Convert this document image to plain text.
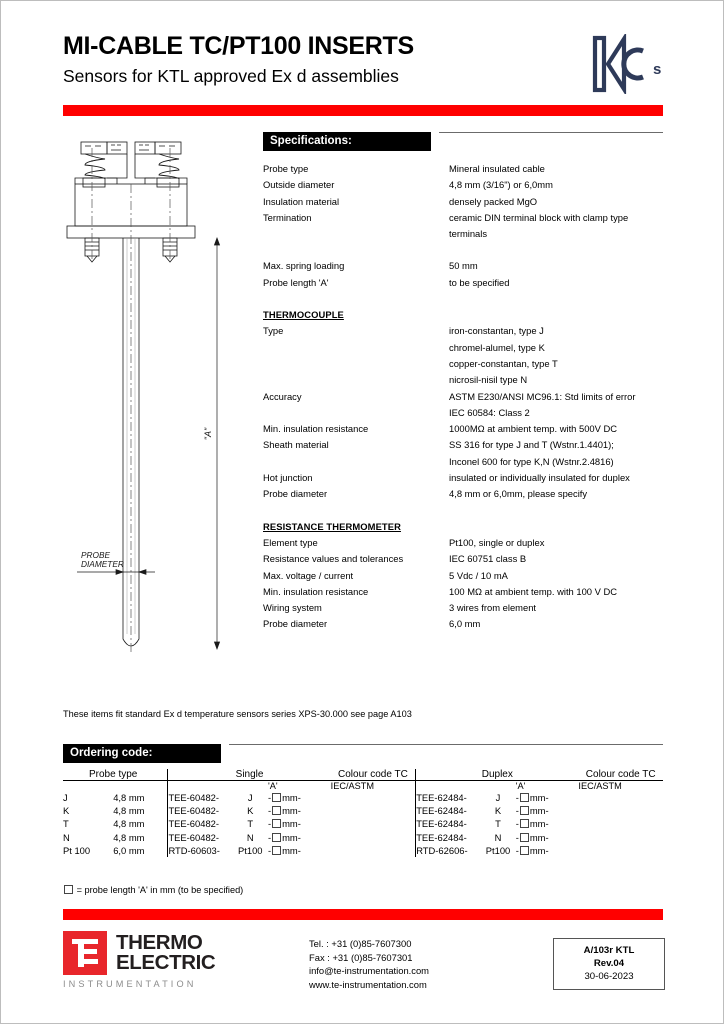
MI-CABLE TC/PT100 INSERTS
Sensors for KTL approved Ex d assemblies	s
"A"
PROBE
DIAMETER
Specifications:
Probe type	Mineral insulated cable
Outside diameter	4,8 mm (3/16") or 6,0mm
Insulation material	densely packed MgO
Termination	ceramic DIN terminal block with clamp type
terminals
Max. spring loading	50 mm
Probe length 'A'	to be specified
THERMOCOUPLE
Type	iron-constantan, type J
chromel-alumel, type K
copper-constantan, type T
nicrosil-nisil type N
Accuracy	ASTM E230/ANSI MC96.1: Std limits of error
IEC 60584: Class 2
Min. insulation resistance	1000MΩ at ambient temp. with 500V DC
Sheath material	SS 316 for type J and T (Wstnr.1.4401);
Inconel 600 for type K,N (Wstnr.2.4816)
Hot junction	insulated or individually insulated for duplex
Probe diameter	4,8 mm or 6,0mm, please specify
RESISTANCE THERMOMETER
Element type	Pt100, single or duplex
Resistance values and tolerances	IEC 60751 class B
Max. voltage / current	5 Vdc / 10 mA
Min. insulation resistance	100 MΩ at ambient temp. with 100 V DC
Wiring system	3 wires from element
Probe diameter	6,0 mm
These items fit standard Ex d temperature sensors series XPS-30.000 see page A103
Ordering code:
Probe type		Single			Colour code TC	Duplex			Colour code TC

				'A'	IEC/ASTM			'A'	IEC/ASTM
J	4,8 mm	TEE-60482-	J	- mm-		TEE-62484-	J	- mm-	
K	4,8 mm	TEE-60482-	K	- mm-		TEE-62484-	K	- mm-	
T	4,8 mm	TEE-60482-	T	- mm-		TEE-62484-	T	- mm-	
N	4,8 mm	TEE-60482-	N	- mm-		TEE-62484-	N	- mm-	
Pt 100	6,0 mm	RTD-60603-	Pt100	- mm-		RTD-62606-	Pt100	- mm-	
= probe length 'A' in mm (to be specified)
THERMO
ELECTRIC
INSTRUMENTATION
Tel. : +31 (0)85-7607300
Fax : +31 (0)85-7607301
info@te-instrumentation.com
www.te-instrumentation.com
A/103r KTL
Rev.04
30-06-2023
